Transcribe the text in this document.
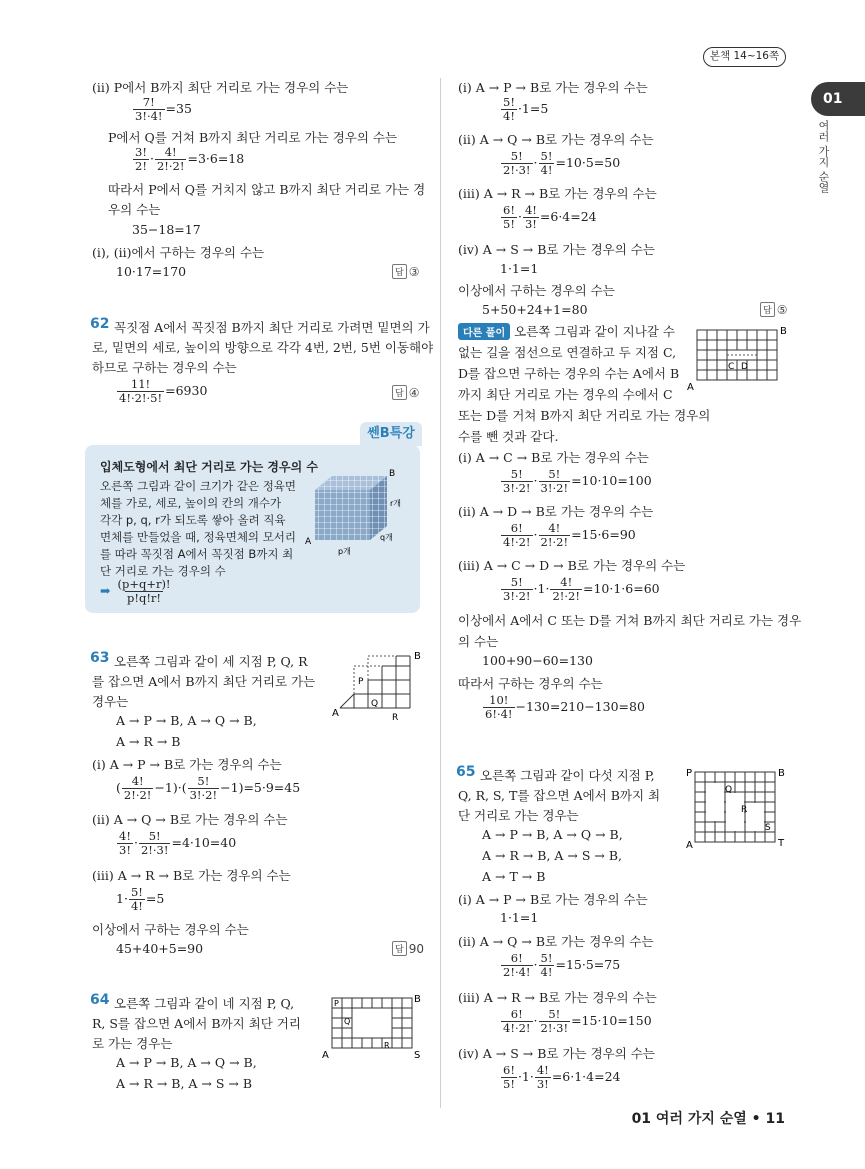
본책 14~16쪽
01
여러 가지 순열
(ii) P에서 B까지 최단 거리로 가는 경우의 수는
$\frac{7!}{3!\cdot 4!} =35$
P에서 Q를 거쳐 B까지 최단 거리로 가는 경우의 수는
$\frac{3!}{2!} \cdot \frac{4!}{2!\cdot 2!} =3\cdot 6=18$
따라서 P에서 Q를 거치지 않고 B까지 최단 거리로 가는 경
우의 수는
35−18=17
(i), (ii)에서 구하는 경우의 수는
10·17=170	답 ③
62 꼭짓점 A에서 꼭짓점 B까지 최단 거리로 가려면 밑면의 가
로, 밑면의 세로, 높이의 방향으로 각각 4번, 2번, 5번 이동해야
하므로 구하는 경우의 수는
$\frac{11!}{4!\cdot 2!\cdot 5!} =6930$	답 ④
쎈B특강
입체도형에서 최단 거리로 가는 경우의 수
오른쪽 그림과 같이 크기가 같은 정육면
체를 가로, 세로, 높이의 칸의 개수가
각각 p, q, r가 되도록 쌓아 올려 직육
면체를 만들었을 때, 정육면체의 모서리
를 따라 꼭짓점 A에서 꼭짓점 B까지 최
단 거리로 가는 경우의 수
➡ $\frac{(p+q+r)!}{p!q!r!}$
B
A
p개
q개
r개
63 오른쪽 그림과 같이 세 지점 P, Q, R
를 잡으면 A에서 B까지 최단 거리로 가는
경우는
A → P → B, A → Q → B,
A → R → B
B
A
P
Q
R
(i) A → P → B로 가는 경우의 수는
( $\frac{4!}{2!\cdot 2!} -1)\cdot( \frac{5!}{3!\cdot 2!} -1)=5\cdot 9=45$
(ii) A → Q → B로 가는 경우의 수는
$\frac{4!}{3!} \cdot \frac{5!}{2!\cdot 3!} =4\cdot 10=40$
(iii) A → R → B로 가는 경우의 수는
$1\cdot \frac{5!}{4!} =5$
이상에서 구하는 경우의 수는
45+40+5=90	답 90
64 오른쪽 그림과 같이 네 지점 P, Q,
R, S를 잡으면 A에서 B까지 최단 거리
로 가는 경우는
A → P → B, A → Q → B,
A → R → B, A → S → B
B
A
P
Q
R
S
(i) A → P → B로 가는 경우의 수는
$\frac{5!}{4!} \cdot 1=5$
(ii) A → Q → B로 가는 경우의 수는
$\frac{5!}{2!\cdot 3!} \cdot \frac{5!}{4!} =10\cdot 5=50$
(iii) A → R → B로 가는 경우의 수는
$\frac{6!}{5!} \cdot \frac{4!}{3!} =6\cdot 4=24$
(iv) A → S → B로 가는 경우의 수는
1·1=1
이상에서 구하는 경우의 수는
5+50+24+1=80	답 ⑤
다른 풀이 오른쪽 그림과 같이 지나갈 수
없는 길을 점선으로 연결하고 두 지점 C,
D를 잡으면 구하는 경우의 수는 A에서 B
까지 최단 거리로 가는 경우의 수에서 C
또는 D를 거쳐 B까지 최단 거리로 가는 경우의
수를 뺀 것과 같다.
B
A
C D
(i) A → C → B로 가는 경우의 수는
$\frac{5!}{3!\cdot 2!} \cdot \frac{5!}{3!\cdot 2!} =10\cdot 10=100$
(ii) A → D → B로 가는 경우의 수는
$\frac{6!}{4!\cdot 2!} \cdot \frac{4!}{2!\cdot 2!} =15\cdot 6=90$
(iii) A → C → D → B로 가는 경우의 수는
$\frac{5!}{3!\cdot 2!} \cdot 1\cdot \frac{4!}{2!\cdot 2!} =10\cdot 1\cdot 6=60$
이상에서 A에서 C 또는 D를 거쳐 B까지 최단 거리로 가는 경우
의 수는
100+90−60=130
따라서 구하는 경우의 수는
$\frac{10!}{6!\cdot 4!} -130=210-130=80$
65 오른쪽 그림과 같이 다섯 지점 P,
Q, R, S, T를 잡으면 A에서 B까지 최
단 거리로 가는 경우는
A → P → B, A → Q → B,
A → R → B, A → S → B,
A → T → B
P	B
A	T
Q
R
S
(i) A → P → B로 가는 경우의 수는
1·1=1
(ii) A → Q → B로 가는 경우의 수는
$\frac{6!}{2!\cdot 4!} \cdot \frac{5!}{4!} =15\cdot 5=75$
(iii) A → R → B로 가는 경우의 수는
$\frac{6!}{4!\cdot 2!} \cdot \frac{5!}{2!\cdot 3!} =15\cdot 10=150$
(iv) A → S → B로 가는 경우의 수는
$\frac{6!}{5!} \cdot 1\cdot \frac{4!}{3!} =6\cdot 1\cdot 4=24$
01 여러 가지 순열 • 11
